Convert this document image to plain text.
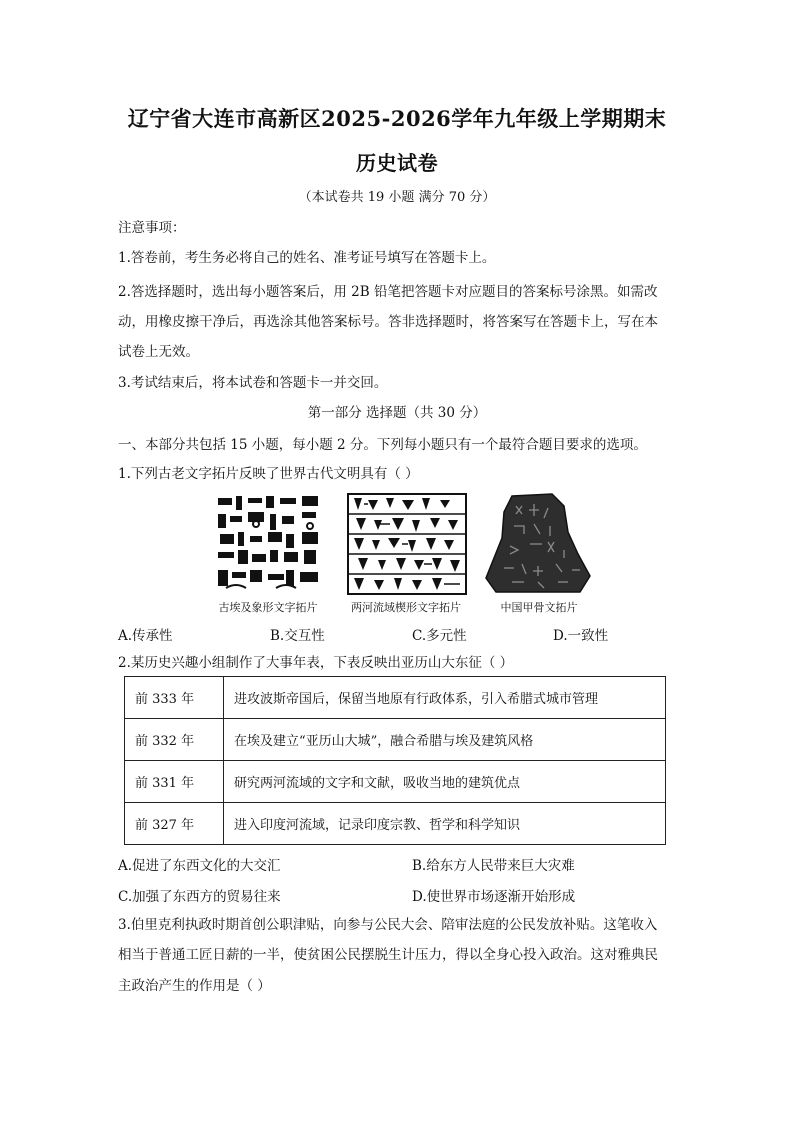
辽宁省大连市高新区2025-2026学年九年级上学期期末
历史试卷
（本试卷共 19 小题 满分 70 分）
注意事项：
1.答卷前，考生务必将自己的姓名、准考证号填写在答题卡上。
2.答选择题时，选出每小题答案后，用 2B 铅笔把答题卡对应题目的答案标号涂黑。如需改
动，用橡皮擦干净后，再选涂其他答案标号。答非选择题时，将答案写在答题卡上，写在本
试卷上无效。
3.考试结束后，将本试卷和答题卡一并交回。
第一部分 选择题（共 30 分）
一、本部分共包括 15 小题，每小题 2 分。下列每小题只有一个最符合题目要求的选项。
1.下列古老文字拓片反映了世界古代文明具有（ ）
古埃及象形文字拓片	两河流域楔形文字拓片	中国甲骨文拓片
A.传承性	B.交互性	C.多元性	D.一致性
2.某历史兴趣小组制作了大事年表，下表反映出亚历山大东征（ ）
前 333 年	进攻波斯帝国后，保留当地原有行政体系，引入希腊式城市管理
前 332 年	在埃及建立“亚历山大城”，融合希腊与埃及建筑风格
前 331 年	研究两河流域的文字和文献，吸收当地的建筑优点
前 327 年	进入印度河流域，记录印度宗教、哲学和科学知识
A.促进了东西文化的大交汇	B.给东方人民带来巨大灾难
C.加强了东西方的贸易往来	D.使世界市场逐渐开始形成
3.伯里克利执政时期首创公职津贴，向参与公民大会、陪审法庭的公民发放补贴。这笔收入
相当于普通工匠日薪的一半，使贫困公民摆脱生计压力，得以全身心投入政治。这对雅典民
主政治产生的作用是（ ）
